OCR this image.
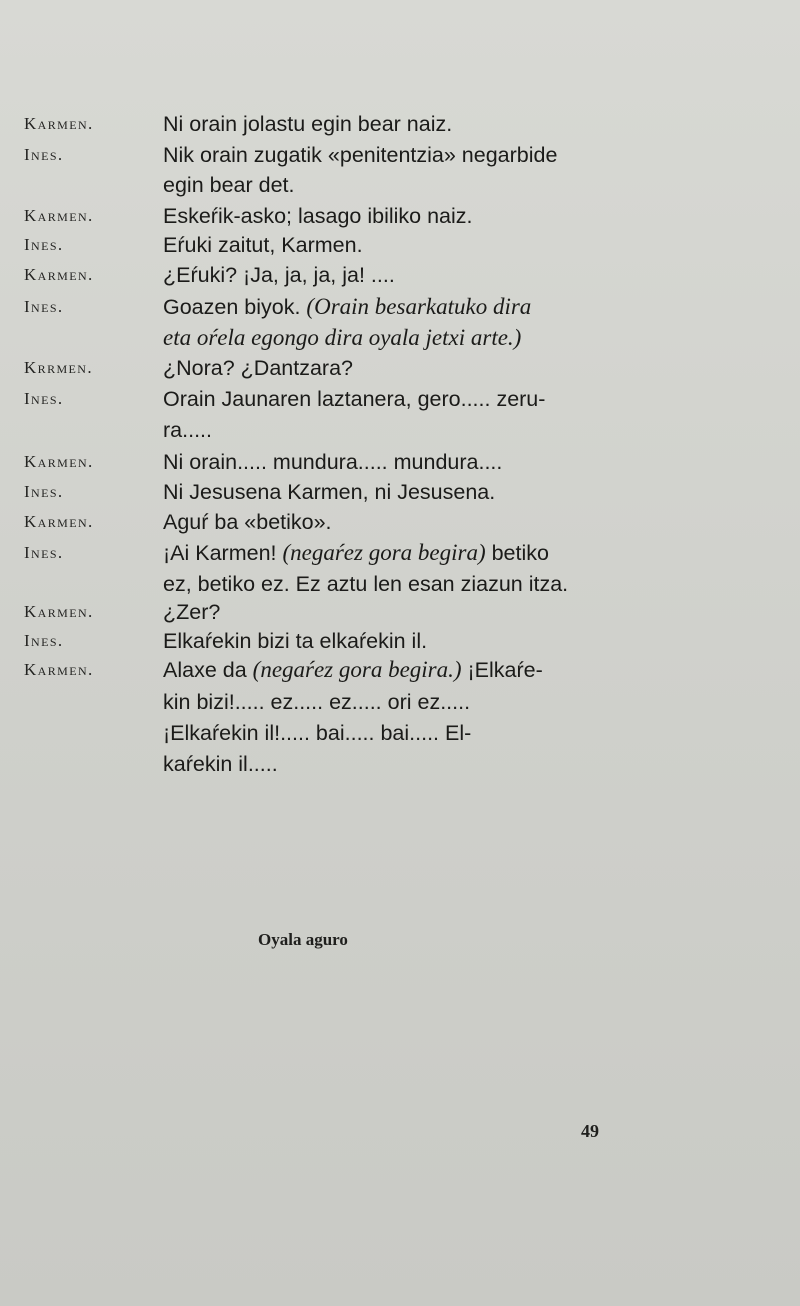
Karmen.	Ni orain jolastu egin bear naiz.
Ines.	Nik orain zugatik «penitentzia» negarbide
egin bear det.
Karmen.	Eskeŕik-asko; lasago ibiliko naiz.
Ines.	Eŕuki zaitut, Karmen.
Karmen.	¿Eŕuki? ¡Ja, ja, ja, ja! ....
Ines.	Goazen biyok. (Orain besarkatuko dira
eta oŕela egongo dira oyala jetxi arte.)
Krrmen.	¿Nora? ¿Dantzara?
Ines.	Orain Jaunaren laztanera, gero..... zeru-
ra.....
Karmen.	Ni orain..... mundura..... mundura....
Ines.	Ni Jesusena Karmen, ni Jesusena.
Karmen.	Aguŕ ba «betiko».
Ines.	¡Ai Karmen! (negaŕez gora begira) betiko
ez, betiko ez. Ez aztu len esan ziazun itza.
Karmen.	¿Zer?
Ines.	Elkaŕekin bizi ta elkaŕekin il.
Karmen.	Alaxe da (negaŕez gora begira.) ¡Elkaŕe-
kin bizi!..... ez..... ez..... ori ez.....
¡Elkaŕekin il!..... bai..... bai..... El-
kaŕekin il.....
Oyala aguro
49
